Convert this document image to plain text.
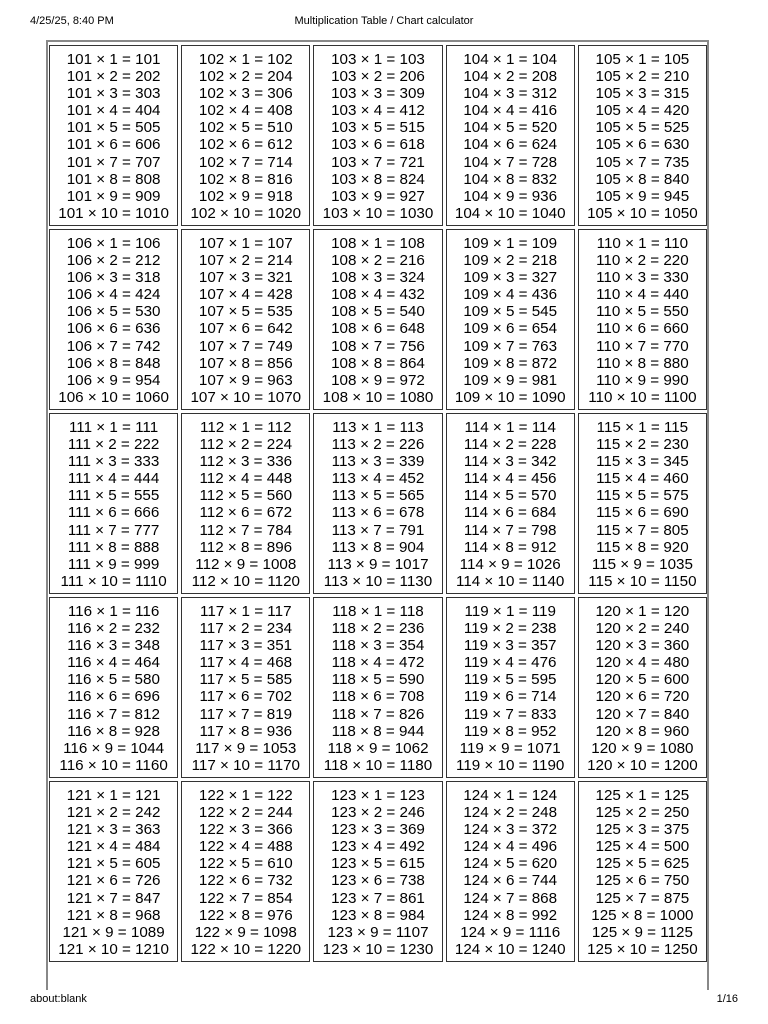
4/25/25, 8:40 PM	Multiplication Table / Chart calculator
101 × 1 = 101
101 × 2 = 202
101 × 3 = 303
101 × 4 = 404
101 × 5 = 505
101 × 6 = 606
101 × 7 = 707
101 × 8 = 808
101 × 9 = 909
101 × 10 = 1010
102 × 1 = 102
102 × 2 = 204
102 × 3 = 306
102 × 4 = 408
102 × 5 = 510
102 × 6 = 612
102 × 7 = 714
102 × 8 = 816
102 × 9 = 918
102 × 10 = 1020
103 × 1 = 103
103 × 2 = 206
103 × 3 = 309
103 × 4 = 412
103 × 5 = 515
103 × 6 = 618
103 × 7 = 721
103 × 8 = 824
103 × 9 = 927
103 × 10 = 1030
104 × 1 = 104
104 × 2 = 208
104 × 3 = 312
104 × 4 = 416
104 × 5 = 520
104 × 6 = 624
104 × 7 = 728
104 × 8 = 832
104 × 9 = 936
104 × 10 = 1040
105 × 1 = 105
105 × 2 = 210
105 × 3 = 315
105 × 4 = 420
105 × 5 = 525
105 × 6 = 630
105 × 7 = 735
105 × 8 = 840
105 × 9 = 945
105 × 10 = 1050
106 × 1 = 106
106 × 2 = 212
106 × 3 = 318
106 × 4 = 424
106 × 5 = 530
106 × 6 = 636
106 × 7 = 742
106 × 8 = 848
106 × 9 = 954
106 × 10 = 1060
107 × 1 = 107
107 × 2 = 214
107 × 3 = 321
107 × 4 = 428
107 × 5 = 535
107 × 6 = 642
107 × 7 = 749
107 × 8 = 856
107 × 9 = 963
107 × 10 = 1070
108 × 1 = 108
108 × 2 = 216
108 × 3 = 324
108 × 4 = 432
108 × 5 = 540
108 × 6 = 648
108 × 7 = 756
108 × 8 = 864
108 × 9 = 972
108 × 10 = 1080
109 × 1 = 109
109 × 2 = 218
109 × 3 = 327
109 × 4 = 436
109 × 5 = 545
109 × 6 = 654
109 × 7 = 763
109 × 8 = 872
109 × 9 = 981
109 × 10 = 1090
110 × 1 = 110
110 × 2 = 220
110 × 3 = 330
110 × 4 = 440
110 × 5 = 550
110 × 6 = 660
110 × 7 = 770
110 × 8 = 880
110 × 9 = 990
110 × 10 = 1100
111 × 1 = 111
111 × 2 = 222
111 × 3 = 333
111 × 4 = 444
111 × 5 = 555
111 × 6 = 666
111 × 7 = 777
111 × 8 = 888
111 × 9 = 999
111 × 10 = 1110
112 × 1 = 112
112 × 2 = 224
112 × 3 = 336
112 × 4 = 448
112 × 5 = 560
112 × 6 = 672
112 × 7 = 784
112 × 8 = 896
112 × 9 = 1008
112 × 10 = 1120
113 × 1 = 113
113 × 2 = 226
113 × 3 = 339
113 × 4 = 452
113 × 5 = 565
113 × 6 = 678
113 × 7 = 791
113 × 8 = 904
113 × 9 = 1017
113 × 10 = 1130
114 × 1 = 114
114 × 2 = 228
114 × 3 = 342
114 × 4 = 456
114 × 5 = 570
114 × 6 = 684
114 × 7 = 798
114 × 8 = 912
114 × 9 = 1026
114 × 10 = 1140
115 × 1 = 115
115 × 2 = 230
115 × 3 = 345
115 × 4 = 460
115 × 5 = 575
115 × 6 = 690
115 × 7 = 805
115 × 8 = 920
115 × 9 = 1035
115 × 10 = 1150
116 × 1 = 116
116 × 2 = 232
116 × 3 = 348
116 × 4 = 464
116 × 5 = 580
116 × 6 = 696
116 × 7 = 812
116 × 8 = 928
116 × 9 = 1044
116 × 10 = 1160
117 × 1 = 117
117 × 2 = 234
117 × 3 = 351
117 × 4 = 468
117 × 5 = 585
117 × 6 = 702
117 × 7 = 819
117 × 8 = 936
117 × 9 = 1053
117 × 10 = 1170
118 × 1 = 118
118 × 2 = 236
118 × 3 = 354
118 × 4 = 472
118 × 5 = 590
118 × 6 = 708
118 × 7 = 826
118 × 8 = 944
118 × 9 = 1062
118 × 10 = 1180
119 × 1 = 119
119 × 2 = 238
119 × 3 = 357
119 × 4 = 476
119 × 5 = 595
119 × 6 = 714
119 × 7 = 833
119 × 8 = 952
119 × 9 = 1071
119 × 10 = 1190
120 × 1 = 120
120 × 2 = 240
120 × 3 = 360
120 × 4 = 480
120 × 5 = 600
120 × 6 = 720
120 × 7 = 840
120 × 8 = 960
120 × 9 = 1080
120 × 10 = 1200
121 × 1 = 121
121 × 2 = 242
121 × 3 = 363
121 × 4 = 484
121 × 5 = 605
121 × 6 = 726
121 × 7 = 847
121 × 8 = 968
121 × 9 = 1089
121 × 10 = 1210
122 × 1 = 122
122 × 2 = 244
122 × 3 = 366
122 × 4 = 488
122 × 5 = 610
122 × 6 = 732
122 × 7 = 854
122 × 8 = 976
122 × 9 = 1098
122 × 10 = 1220
123 × 1 = 123
123 × 2 = 246
123 × 3 = 369
123 × 4 = 492
123 × 5 = 615
123 × 6 = 738
123 × 7 = 861
123 × 8 = 984
123 × 9 = 1107
123 × 10 = 1230
124 × 1 = 124
124 × 2 = 248
124 × 3 = 372
124 × 4 = 496
124 × 5 = 620
124 × 6 = 744
124 × 7 = 868
124 × 8 = 992
124 × 9 = 1116
124 × 10 = 1240
125 × 1 = 125
125 × 2 = 250
125 × 3 = 375
125 × 4 = 500
125 × 5 = 625
125 × 6 = 750
125 × 7 = 875
125 × 8 = 1000
125 × 9 = 1125
125 × 10 = 1250
about:blank	1/16
